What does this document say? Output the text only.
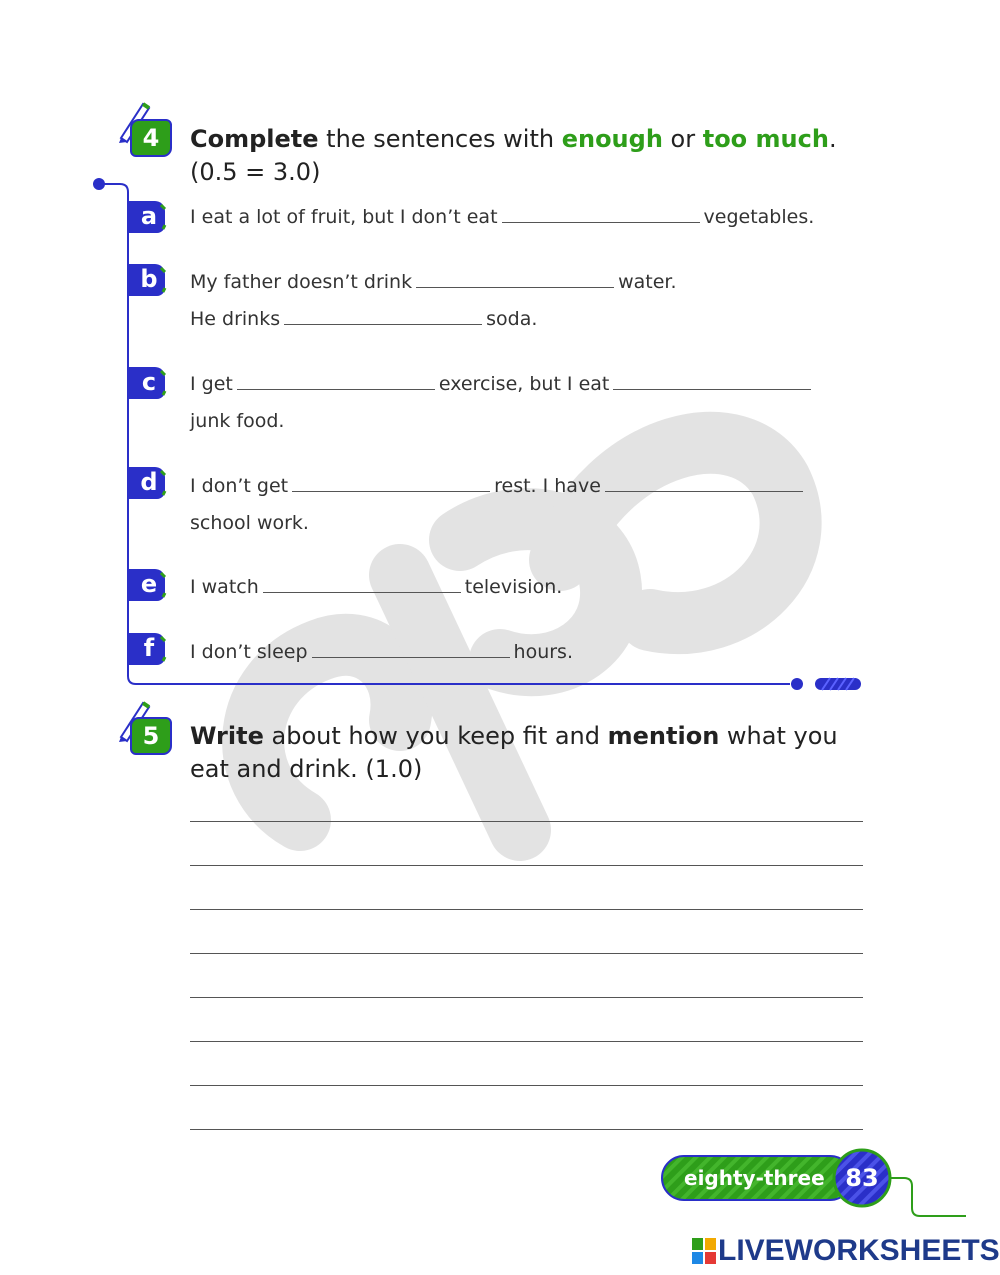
4	Complete the sentences with enough or too much.
(0.5 = 3.0)
a
b
c
d
e
f
I eat a lot of fruit, but I don’t eat	vegetables.
My father doesn’t drink	water.
He drinks	soda.
I get	exercise, but I eat
junk food.
I don’t get	rest. I have
school work.
I watch	television.
I don’t sleep	hours.
5	Write about how you keep fit and mention what you
eat and drink. (1.0)
eighty-three 83
LIVEWORKSHEETS
